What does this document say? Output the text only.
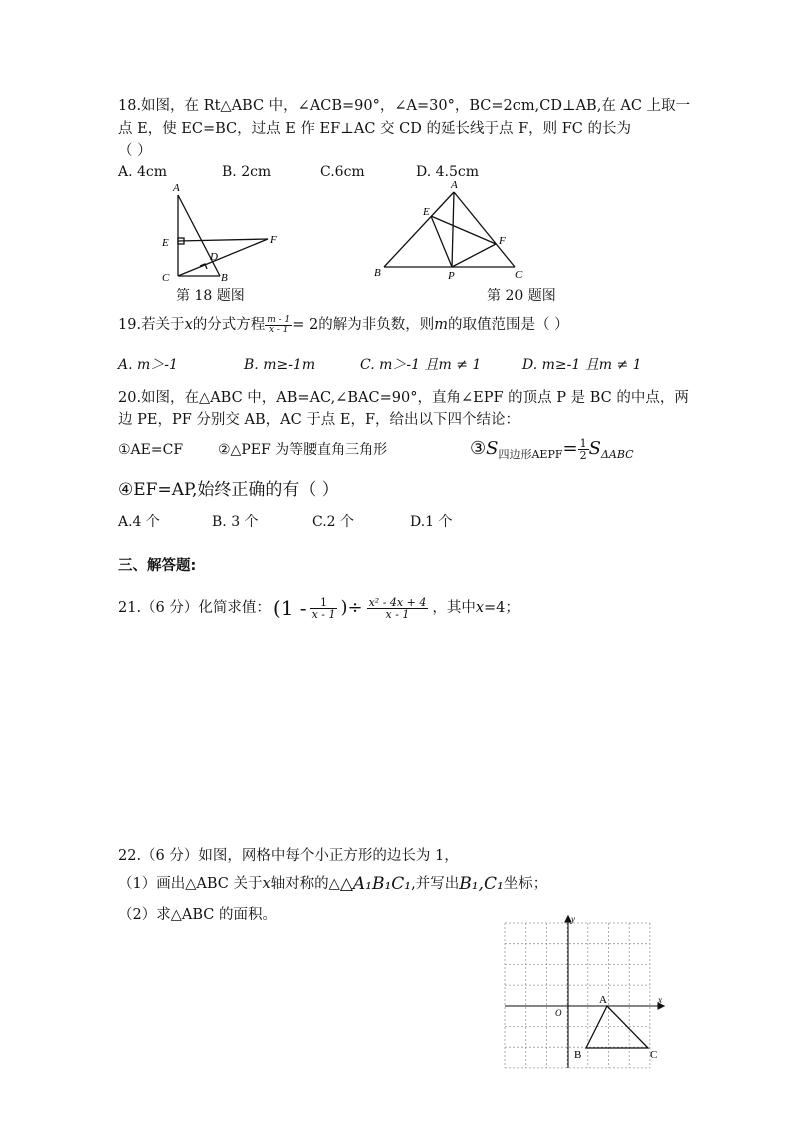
18.如图，在 Rt△ABC 中，∠ACB=90°，∠A=30°，BC=2cm,CD⊥AB,在 AC 上取一
点 E，使 EC=BC，过点 E 作 EF⊥AC 交 CD 的延长线于点 F，则 FC 的长为
（ ）
A. 4cm	B. 2cm	C.6cm	D. 4.5cm
A
E	F
D
C	B
第 18 题图
A
E
F
B	P	C
第 20 题图
19.若关于 x 的分式方程 $\frac{m - 1}{x - 1} = 2$的解为非负数，则 m 的取值范围是（ ）
A. m＞-1	B. m≥-1m	C. m＞-1 且m ≠ 1	D. m≥-1 且m ≠ 1
20.如图，在△ABC 中，AB=AC,∠BAC=90°，直角∠EPF 的顶点 P 是 BC 的中点，两
边 PE，PF 分别交 AB，AC 于点 E，F，给出以下四个结论：
①AE=CF ②△PEF 为等腰直角三角形	③ S 四边形AEPF = $\frac{1}{2}$ S ΔABC
④EF=AP,始终正确的有（ ）
A.4 个	B. 3 个	C.2 个	D.1 个
三、解答题:
21.（6 分）化简求值： ($1 - \frac{1}{x - 1}$ )÷ $\frac{\text{x² - 4x + 4}}{x - 1}$ ，其中 x =4；
22.（6 分）如图，网格中每个小正方形的边长为 1，
（1）画出△ABC 关于 x 轴对称的△ △A₁B₁C₁ ,并写出 B₁,C₁ 坐标；
（2）求△ABC 的面积。	y
x
O
A
B	C
